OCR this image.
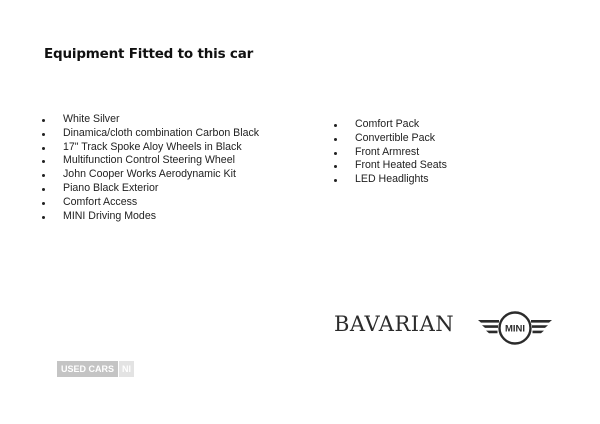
Equipment Fitted to this car
White Silver
Dinamica/cloth combination Carbon Black
17" Track Spoke Aloy Wheels in Black
Multifunction Control Steering Wheel
John Cooper Works Aerodynamic Kit
Piano Black Exterior
Comfort Access
MINI Driving Modes
Comfort Pack
Convertible Pack
Front Armrest
Front Heated Seats
LED Headlights
BAVARIAN	MINI
USED CARS NI
